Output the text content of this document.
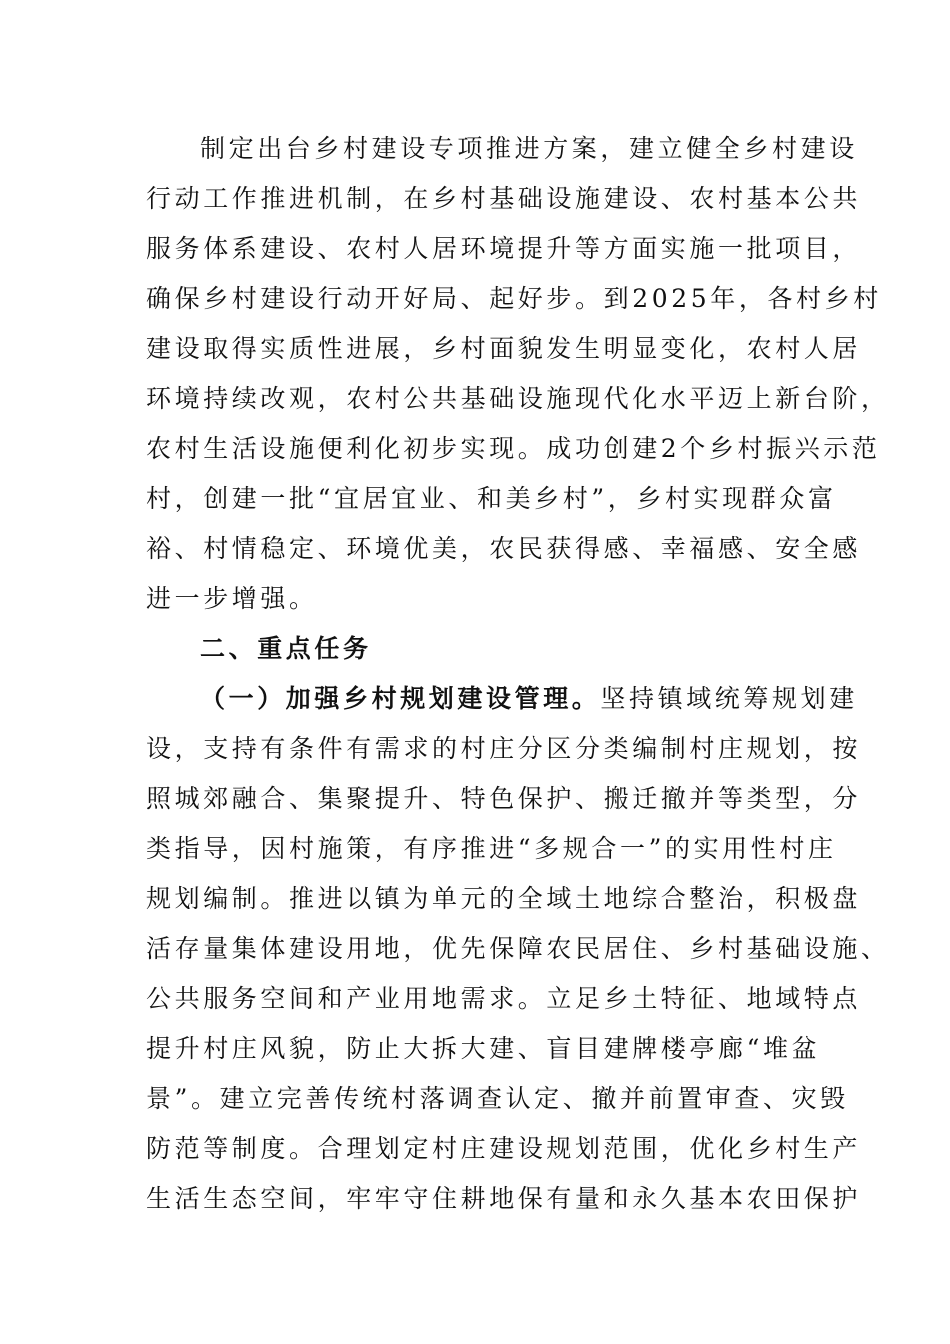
制定出台乡村建设专项推进方案，建立健全乡村建设
行动工作推进机制，在乡村基础设施建设、农村基本公共
服务体系建设、农村人居环境提升等方面实施一批项目，
确保乡村建设行动开好局、起好步。到2025年，各村乡村
建设取得实质性进展，乡村面貌发生明显变化，农村人居
环境持续改观，农村公共基础设施现代化水平迈上新台阶，
农村生活设施便利化初步实现。成功创建2个乡村振兴示范
村，创建一批“宜居宜业、和美乡村”，乡村实现群众富
裕、村情稳定、环境优美，农民获得感、幸福感、安全感
进一步增强。
二、重点任务
（一）加强乡村规划建设管理。坚持镇域统筹规划建
设，支持有条件有需求的村庄分区分类编制村庄规划，按
照城郊融合、集聚提升、特色保护、搬迁撤并等类型，分
类指导，因村施策，有序推进“多规合一”的实用性村庄
规划编制。推进以镇为单元的全域土地综合整治，积极盘
活存量集体建设用地，优先保障农民居住、乡村基础设施、
公共服务空间和产业用地需求。立足乡土特征、地域特点
提升村庄风貌，防止大拆大建、盲目建牌楼亭廊“堆盆
景”。建立完善传统村落调查认定、撤并前置审查、灾毁
防范等制度。合理划定村庄建设规划范围，优化乡村生产
生活生态空间，牢牢守住耕地保有量和永久基本农田保护
